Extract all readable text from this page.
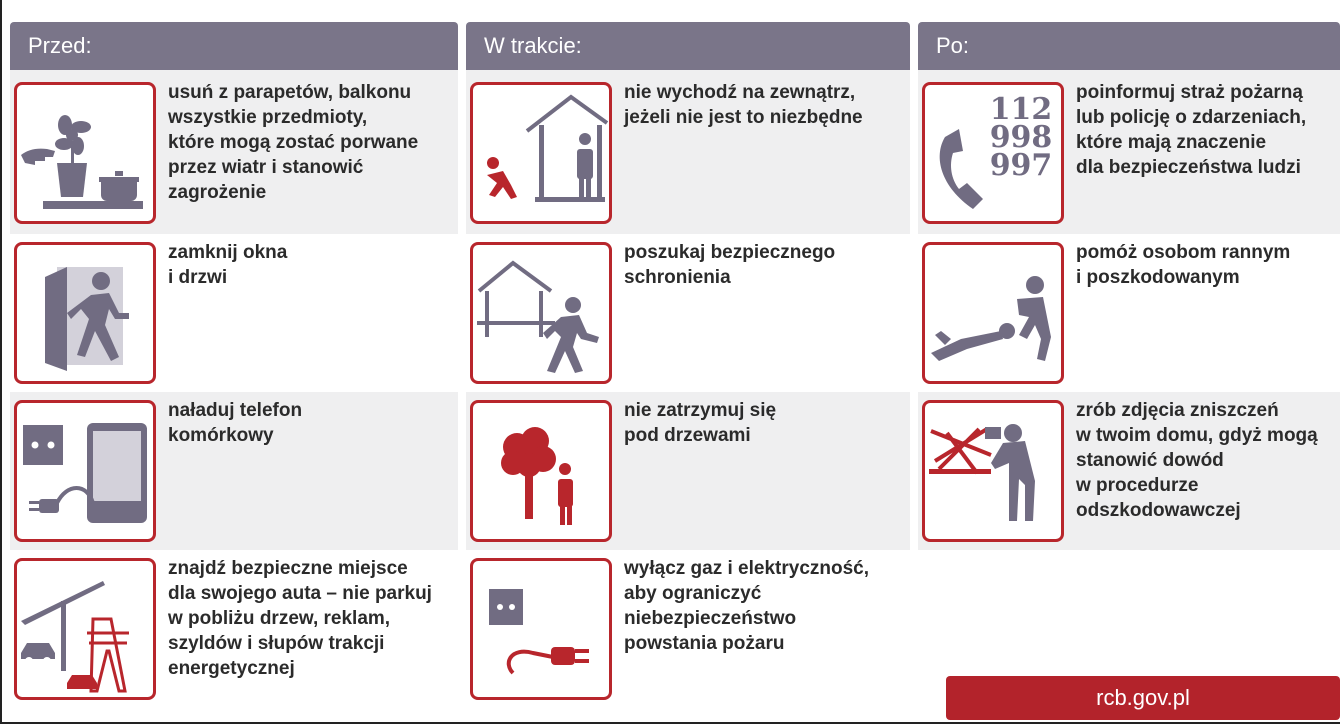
Przed:
usuń z parapetów, balkonu
wszystkie przedmioty,
które mogą zostać porwane
przez wiatr i stanowić
zagrożenie
zamknij okna
i drzwi
naładuj telefon
komórkowy
znajdź bezpieczne miejsce
dla swojego auta – nie parkuj
w pobliżu drzew, reklam,
szyldów i słupów trakcji
energetycznej
W trakcie:
nie wychodź na zewnątrz,
jeżeli nie jest to niezbędne
poszukaj bezpiecznego
schronienia
nie zatrzymuj się
pod drzewami
wyłącz gaz i elektryczność,
aby ograniczyć
niebezpieczeństwo
powstania pożaru
Po:
112
998
997
poinformuj straż pożarną
lub policję o zdarzeniach,
które mają znaczenie
dla bezpieczeństwa ludzi
pomóż osobom rannym
i poszkodowanym
zrób zdjęcia zniszczeń
w twoim domu, gdyż mogą
stanowić dowód
w procedurze
odszkodowawczej
rcb.gov.pl
